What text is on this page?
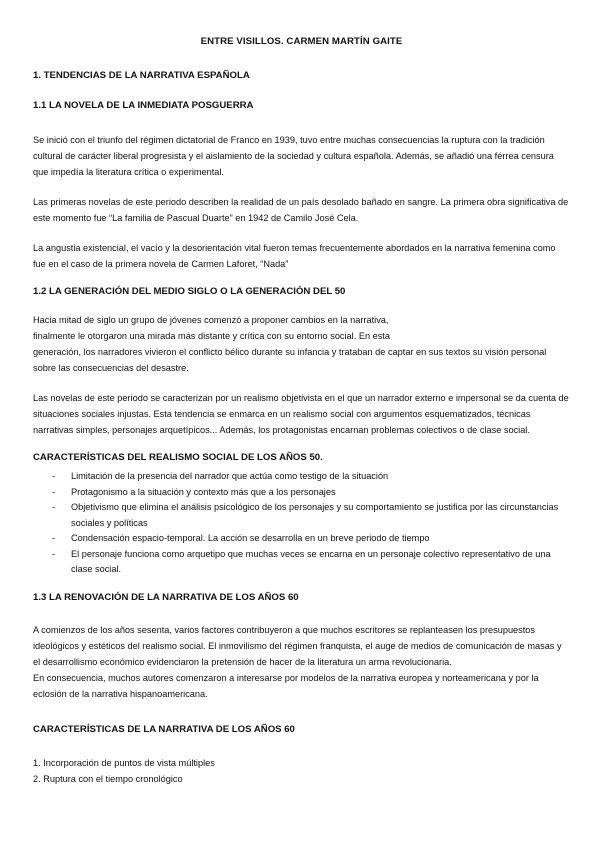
ENTRE VISILLOS. CARMEN MARTÍN GAITE
1. TENDENCIAS DE LA NARRATIVA ESPAÑOLA
1.1 LA NOVELA DE LA INMEDIATA POSGUERRA

Se inició con el triunfo del régimen dictatorial de Franco en 1939, tuvo entre muchas consecuencias la ruptura con la tradición cultural de carácter liberal progresista y el aislamiento de la sociedad y cultura española. Además, se añadió una férrea censura que impedía la literatura crítica o experimental.

Las primeras novelas de este periodo describen la realidad de un país desolado bañado en sangre. La primera obra significativa de este momento fue “La familia de Pascual Duarte” en 1942 de Camilo José Cela.

La angustia existencial, el vacío y la desorientación vital fueron temas frecuentemente abordados en la narrativa femenina como fue en el caso de la primera novela de Carmen Laforet, “Nada”

1.2 LA GENERACIÓN DEL MEDIO SIGLO O LA GENERACIÓN DEL 50

Hacia mitad de siglo un grupo de jóvenes comenzó a proponer cambios en la narrativa,
finalmente le otorgaron una mirada más distante y crítica con su entorno social. En esta
generación, los narradores vivieron el conflicto bélico durante su infancia y trataban de captar en sus textos su visión personal sobre las consecuencias del desastre.

Las novelas de este periodo se caracterizan por un realismo objetivista en el que un narrador externo e impersonal se da cuenta de situaciones sociales injustas. Esta tendencia se enmarca en un realismo social con argumentos esquematizados, técnicas narrativas simples, personajes arquetípicos... Además, los protagonistas encarnan problemas colectivos o de clase social.

CARACTERÍSTICAS DEL REALISMO SOCIAL DE LOS AÑOS 50.
- Limitación de la presencia del narrador que actúa como testigo de la situación
- Protagonismo a la situación y contexto más que a los personajes
- Objetivismo que elimina el análisis psicológico de los personajes y su comportamiento se justifica por las circunstancias sociales y políticas
- Condensación espacio-temporal. La acción se desarrolla en un breve periodo de tiempo
- El personaje funciona como arquetipo que muchas veces se encarna en un personaje colectivo representativo de una clase social.
1.3 LA RENOVACIÓN DE LA NARRATIVA DE LOS AÑOS 60

A comienzos de los años sesenta, varios factores contribuyeron a que muchos escritores se replanteasen los presupuestos ideológicos y estéticos del realismo social. El inmovilismo del régimen franquista, el auge de medios de comunicación de masas y el desarrollismo económico evidenciaron la pretensión de hacer de la literatura un arma revolucionaria.

En consecuencia, muchos autores comenzaron a interesarse por modelos de la narrativa europea y norteamericana y por la eclosión de la narrativa hispanoamericana.

CARACTERÍSTICAS DE LA NARRATIVA DE LOS AÑOS 60
1. Incorporación de puntos de vista múltiples
2. Ruptura con el tiempo cronológico
